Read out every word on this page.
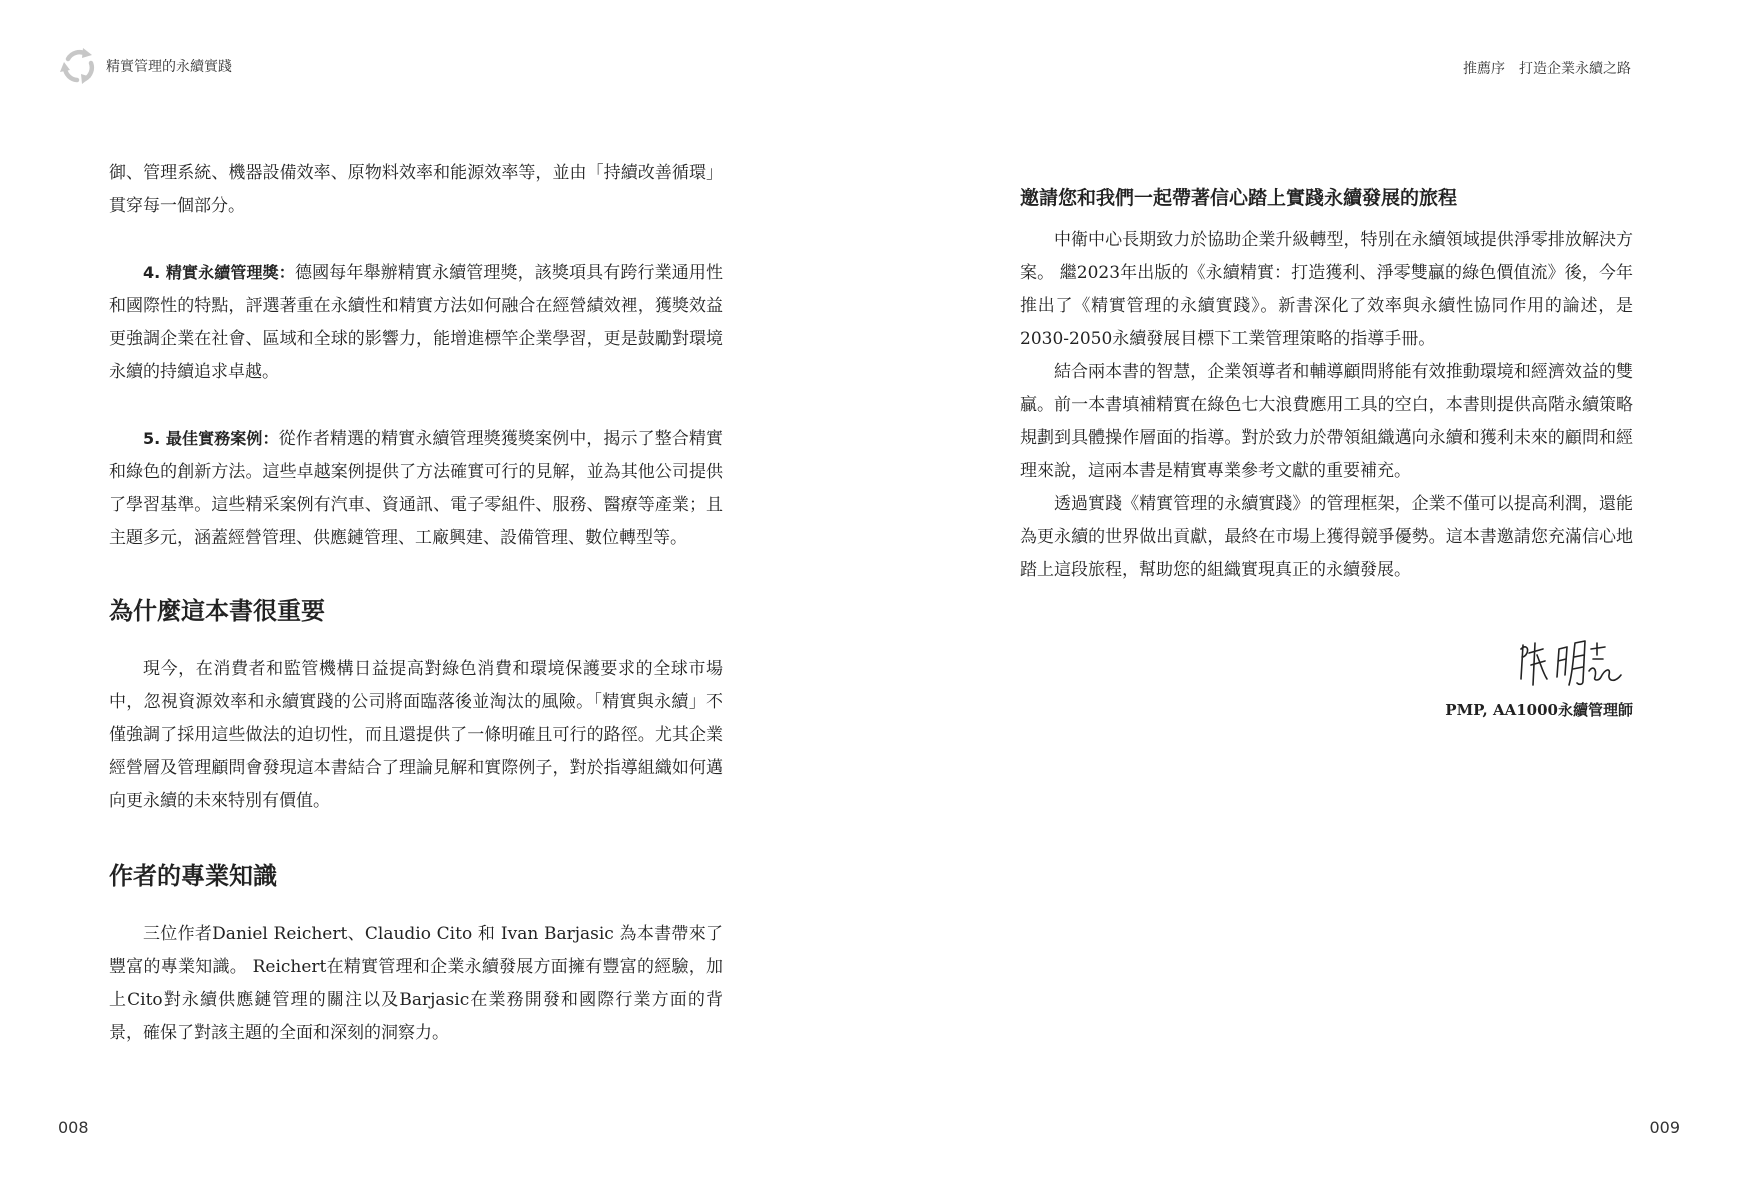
精實管理的永續實踐

御、管理系統、機器設備效率、原物料效率和能源效率等，並由「持續改善循環」貫穿每一個部分。

4. 精實永續管理獎：德國每年舉辦精實永續管理獎，該獎項具有跨行業通用性和國際性的特點，評選著重在永續性和精實方法如何融合在經營績效裡，獲獎效益更強調企業在社會、區域和全球的影響力，能增進標竿企業學習，更是鼓勵對環境永續的持續追求卓越。

5. 最佳實務案例：從作者精選的精實永續管理獎獲獎案例中，揭示了整合精實和綠色的創新方法。這些卓越案例提供了方法確實可行的見解，並為其他公司提供了學習基準。這些精采案例有汽車、資通訊、電子零組件、服務、醫療等產業；且主題多元，涵蓋經營管理、供應鏈管理、工廠興建、設備管理、數位轉型等。

為什麼這本書很重要

現今，在消費者和監管機構日益提高對綠色消費和環境保護要求的全球市場中，忽視資源效率和永續實踐的公司將面臨落後並淘汰的風險。「精實與永續」不僅強調了採用這些做法的迫切性，而且還提供了一條明確且可行的路徑。尤其企業經營層及管理顧問會發現這本書結合了理論見解和實際例子，對於指導組織如何邁向更永續的未來特別有價值。

作者的專業知識

三位作者Daniel Reichert、Claudio Cito 和 Ivan Barjasic 為本書帶來了豐富的專業知識。 Reichert在精實管理和企業永續發展方面擁有豐富的經驗，加上Cito對永續供應鏈管理的關注以及Barjasic在業務開發和國際行業方面的背景，確保了對該主題的全面和深刻的洞察力。

008
推薦序 打造企業永續之路
邀請您和我們一起帶著信心踏上實踐永續發展的旅程

中衛中心長期致力於協助企業升級轉型，特別在永續領域提供淨零排放解決方案。 繼2023年出版的《永續精實：打造獲利、淨零雙贏的綠色價值流》後，今年推出了《精實管理的永續實踐》。新書深化了效率與永續性協同作用的論述，是2030-2050永續發展目標下工業管理策略的指導手冊。

結合兩本書的智慧，企業領導者和輔導顧問將能有效推動環境和經濟效益的雙贏。前一本書填補精實在綠色七大浪費應用工具的空白，本書則提供高階永續策略規劃到具體操作層面的指導。對於致力於帶領組織邁向永續和獲利未來的顧問和經理來說，這兩本書是精實專業參考文獻的重要補充。

透過實踐《精實管理的永續實踐》的管理框架，企業不僅可以提高利潤，還能為更永續的世界做出貢獻，最終在市場上獲得競爭優勢。這本書邀請您充滿信心地踏上這段旅程，幫助您的組織實現真正的永續發展。

PMP, AA1000永續管理師
009
